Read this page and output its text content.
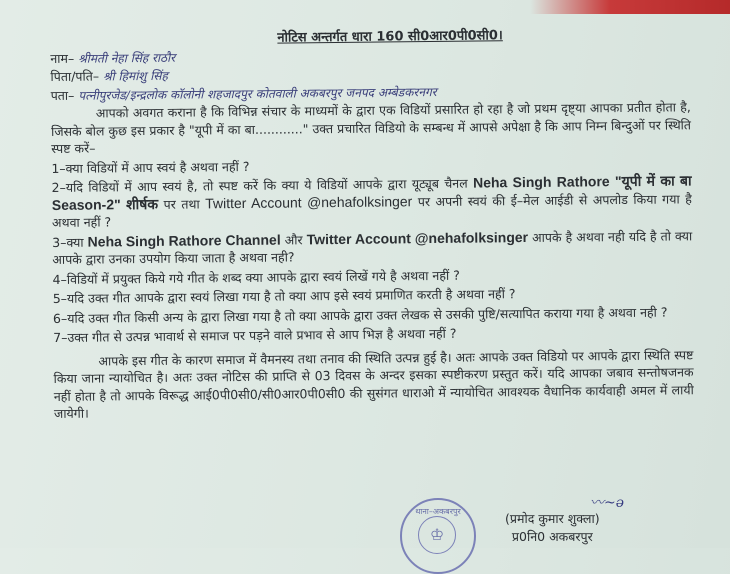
नोटिस अन्तर्गत धारा 160 सी0आर0पी0सी0।
नाम– श्रीमती नेहा सिंह राठौर
पिता/पति– श्री हिमांशु सिंह
पता– पत्नीपुरजेड/इन्द्रलोक कॉलोनी शहजादपुर कोतवाली अकबरपुर जनपद अम्बेडकरनगर

आपको अवगत कराना है कि विभिन्न संचार के माध्यमों के द्वारा एक विडियों प्रसारित हो रहा है जो प्रथम दृष्ट्या आपका प्रतीत होता है, जिसके बोल कुछ इस प्रकार है "यूपी में का बा............" उक्त प्रचारित विडियो के सम्बन्ध में आपसे अपेक्षा है कि आप निम्न बिन्दुओं पर स्थिति स्पष्ट करें–

1–क्या विडियों में आप स्वयं है अथवा नहीं ?

2–यदि विडियों में आप स्वयं है, तो स्पष्ट करें कि क्या ये विडियों आपके द्वारा यूट्यूब चैनल Neha Singh Rathore "यूपी में का बा Season-2" शीर्षक पर तथा Twitter Account @nehafolksinger पर अपनी स्वयं की ई–मेल आईडी से अपलोड किया गया है अथवा नहीं ?

3–क्या Neha Singh Rathore Channel और Twitter Account @nehafolksinger आपके है अथवा नही यदि है तो क्या आपके द्वारा उनका उपयोग किया जाता है अथवा नही?

4–विडियों में प्रयुक्त किये गये गीत के शब्द क्या आपके द्वारा स्वयं लिखें गये है अथवा नहीं ?

5–यदि उक्त गीत आपके द्वारा स्वयं लिखा गया है तो क्या आप इसे स्वयं प्रमाणित करती है अथवा नहीं ?

6–यदि उक्त गीत किसी अन्य के द्वारा लिखा गया है तो क्या आपके द्वारा उक्त लेखक से उसकी पुष्टि/सत्यापित कराया गया है अथवा नही ?

7–उक्त गीत से उत्पन्न भावार्थ से समाज पर पड़ने वाले प्रभाव से आप भिज्ञ है अथवा नहीं ?

आपके इस गीत के कारण समाज में वैमनस्य तथा तनाव की स्थिति उत्पन्न हुई है। अतः आपके उक्त विडियो पर आपके द्वारा स्थिति स्पष्ट किया जाना न्यायोचित है। अतः उक्त नोटिस की प्राप्ति से 03 दिवस के अन्दर इसका स्पष्टीकरण प्रस्तुत करें। यदि आपका जबाव सन्तोषजनक नहीं होता है तो आपके विरूद्ध आई0पी0सी0/सी0आर0पी0सी0 की सुसंगत धाराओ में न्यायोचित आवश्यक वैधानिक कार्यवाही अमल में लायी जायेगी।

थाना–अकबरपुर
♔
〰~ə
(प्रमोद कुमार शुक्ला)
प्र0नि0 अकबरपुर
